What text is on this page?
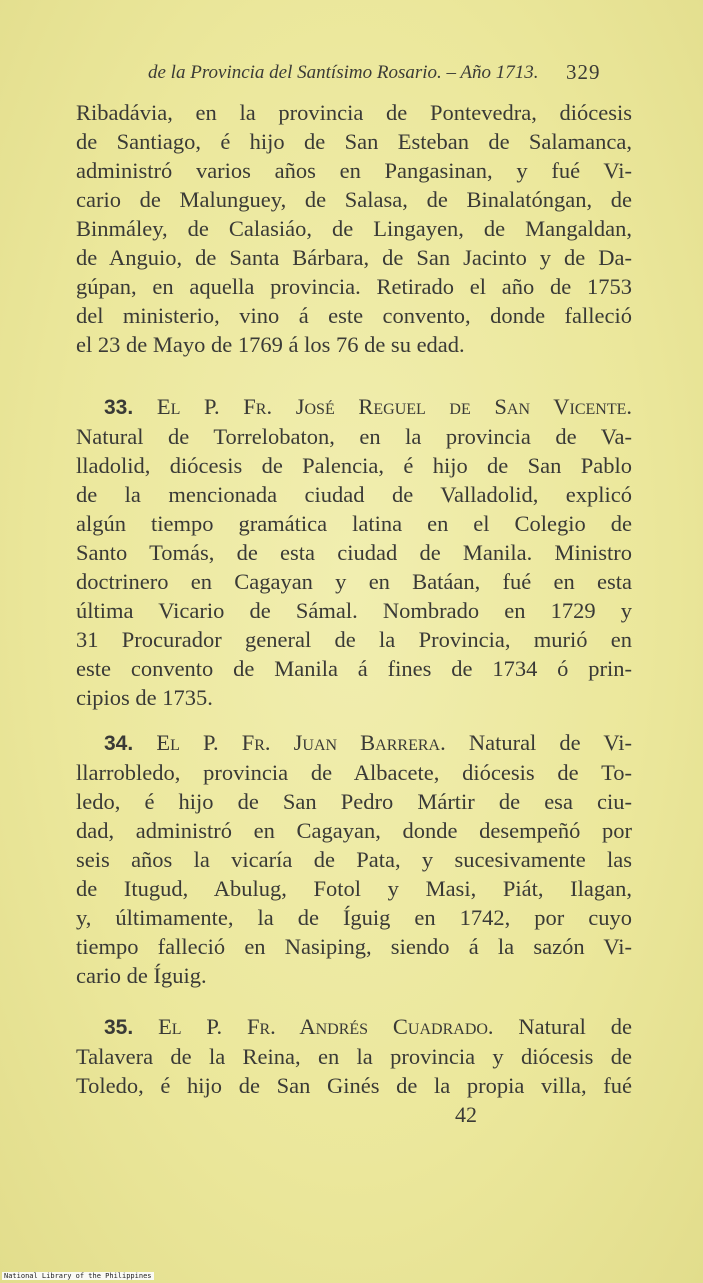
de la Provincia del Santísimo Rosario. – Año 1713. 329
Ribadávia, en la provincia de Pontevedra, diócesis
de Santiago, é hijo de San Esteban de Salamanca,
administró varios años en Pangasinan, y fué Vi-
cario de Malunguey, de Salasa, de Binalatóngan, de
Binmáley, de Calasiáo, de Lingayen, de Mangaldan,
de Anguio, de Santa Bárbara, de San Jacinto y de Da-
gúpan, en aquella provincia. Retirado el año de 1753
del ministerio, vino á este convento, donde falleció
el 23 de Mayo de 1769 á los 76 de su edad.
33. El P. Fr. José Reguel de San Vicente.
Natural de Torrelobaton, en la provincia de Va-
lladolid, diócesis de Palencia, é hijo de San Pablo
de la mencionada ciudad de Valladolid, explicó
algún tiempo gramática latina en el Colegio de
Santo Tomás, de esta ciudad de Manila. Ministro
doctrinero en Cagayan y en Batáan, fué en esta
última Vicario de Sámal. Nombrado en 1729 y
31 Procurador general de la Provincia, murió en
este convento de Manila á fines de 1734 ó prin-
cipios de 1735.
34. El P. Fr. Juan Barrera. Natural de Vi-
llarrobledo, provincia de Albacete, diócesis de To-
ledo, é hijo de San Pedro Mártir de esa ciu-
dad, administró en Cagayan, donde desempeñó por
seis años la vicaría de Pata, y sucesivamente las
de Itugud, Abulug, Fotol y Masi, Piát, Ilagan,
y, últimamente, la de Íguig en 1742, por cuyo
tiempo falleció en Nasiping, siendo á la sazón Vi-
cario de Íguig.
35. El P. Fr. Andrés Cuadrado. Natural de
Talavera de la Reina, en la provincia y diócesis de
Toledo, é hijo de San Ginés de la propia villa, fué
42
National Library of the Philippines
